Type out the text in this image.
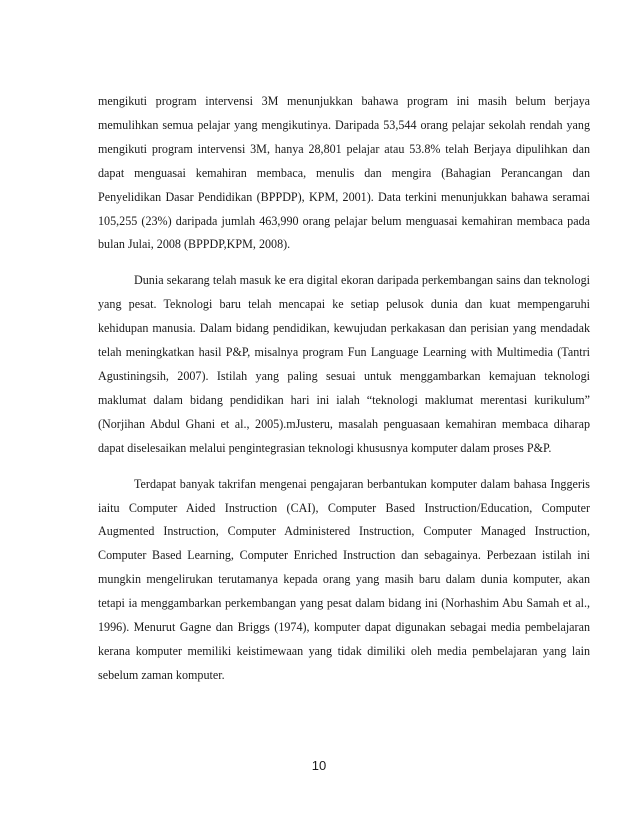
mengikuti program intervensi 3M menunjukkan bahawa program ini masih belum berjaya memulihkan semua pelajar yang mengikutinya. Daripada 53,544 orang pelajar sekolah rendah yang mengikuti program intervensi 3M, hanya 28,801 pelajar atau 53.8% telah Berjaya dipulihkan dan dapat menguasai kemahiran membaca, menulis dan mengira (Bahagian Perancangan dan Penyelidikan Dasar Pendidikan (BPPDP), KPM, 2001). Data terkini menunjukkan bahawa seramai 105,255 (23%) daripada jumlah 463,990 orang pelajar belum menguasai kemahiran membaca pada bulan Julai, 2008 (BPPDP,KPM, 2008).

Dunia sekarang telah masuk ke era digital ekoran daripada perkembangan sains dan teknologi yang pesat. Teknologi baru telah mencapai ke setiap pelusok dunia dan kuat mempengaruhi kehidupan manusia. Dalam bidang pendidikan, kewujudan perkakasan dan perisian yang mendadak telah meningkatkan hasil P&P, misalnya program Fun Language Learning with Multimedia (Tantri Agustiningsih, 2007). Istilah yang paling sesuai untuk menggambarkan kemajuan teknologi maklumat dalam bidang pendidikan hari ini ialah “teknologi maklumat merentasi kurikulum” (Norjihan Abdul Ghani et al., 2005).mJusteru, masalah penguasaan kemahiran membaca diharap dapat diselesaikan melalui pengintegrasian teknologi khususnya komputer dalam proses P&P.

Terdapat banyak takrifan mengenai pengajaran berbantukan komputer dalam bahasa Inggeris iaitu Computer Aided Instruction (CAI), Computer Based Instruction/Education, Computer Augmented Instruction, Computer Administered Instruction, Computer Managed Instruction, Computer Based Learning, Computer Enriched Instruction dan sebagainya. Perbezaan istilah ini mungkin mengelirukan terutamanya kepada orang yang masih baru dalam dunia komputer, akan tetapi ia menggambarkan perkembangan yang pesat dalam bidang ini (Norhashim Abu Samah et al., 1996). Menurut Gagne dan Briggs (1974), komputer dapat digunakan sebagai media pembelajaran kerana komputer memiliki keistimewaan yang tidak dimiliki oleh media pembelajaran yang lain sebelum zaman komputer.

10
